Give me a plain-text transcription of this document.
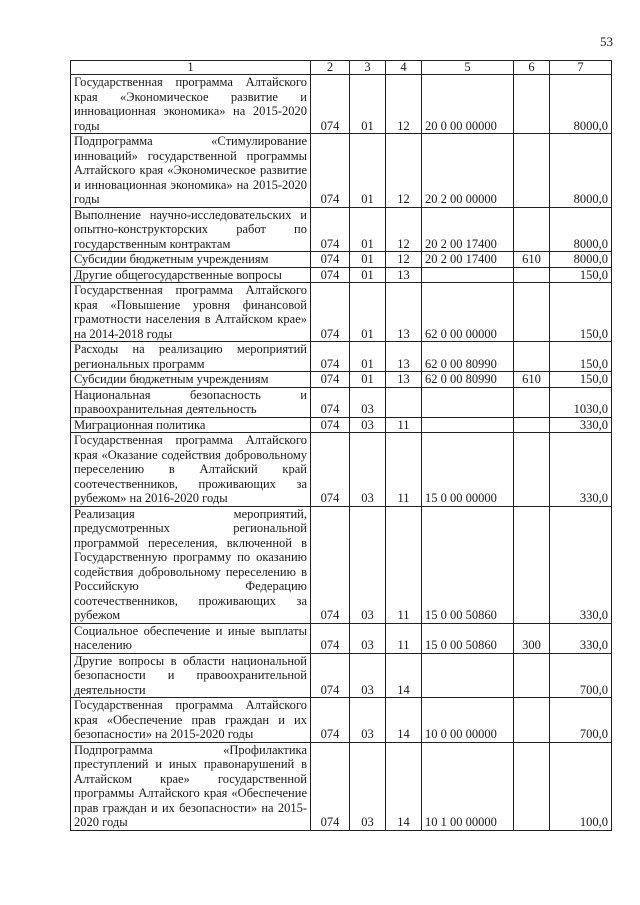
53
1	2	3	4	5	6	7
Государственная программа Алтайского края «Экономическое развитие и инновационная экономика» на 2015-2020 годы	074	01	12	20 0 00 00000		8000,0
Подпрограмма «Стимулирование инноваций» государственной программы Алтайского края «Экономическое развитие и инновационная экономика» на 2015-2020 годы	074	01	12	20 2 00 00000		8000,0
Выполнение научно-исследовательских и опытно-конструкторских работ по государственным контрактам	074	01	12	20 2 00 17400		8000,0
Субсидии бюджетным учреждениям	074	01	12	20 2 00 17400	610	8000,0
Другие общегосударственные вопросы	074	01	13			150,0
Государственная программа Алтайского края «Повышение уровня финансовой грамотности населения в Алтайском крае» на 2014-2018 годы	074	01	13	62 0 00 00000		150,0
Расходы на реализацию мероприятий региональных программ	074	01	13	62 0 00 80990		150,0
Субсидии бюджетным учреждениям	074	01	13	62 0 00 80990	610	150,0
Национальная безопасность и правоохранительная деятельность	074	03				1030,0
Миграционная политика	074	03	11			330,0
Государственная программа Алтайского края «Оказание содействия добровольному переселению в Алтайский край соотечественников, проживающих за рубежом» на 2016-2020 годы	074	03	11	15 0 00 00000		330,0
Реализация мероприятий, предусмотренных региональной программой переселения, включенной в Государственную программу по оказанию содействия добровольному переселению в Российскую Федерацию соотечественников, проживающих за рубежом	074	03	11	15 0 00 50860		330,0
Социальное обеспечение и иные выплаты населению	074	03	11	15 0 00 50860	300	330,0
Другие вопросы в области национальной безопасности и правоохранительной деятельности	074	03	14			700,0
Государственная программа Алтайского края «Обеспечение прав граждан и их безопасности» на 2015-2020 годы	074	03	14	10 0 00 00000		700,0
Подпрограмма «Профилактика преступлений и иных правонарушений в Алтайском крае» государственной программы Алтайского края «Обеспечение прав граждан и их безопасности» на 2015-2020 годы	074	03	14	10 1 00 00000		100,0
